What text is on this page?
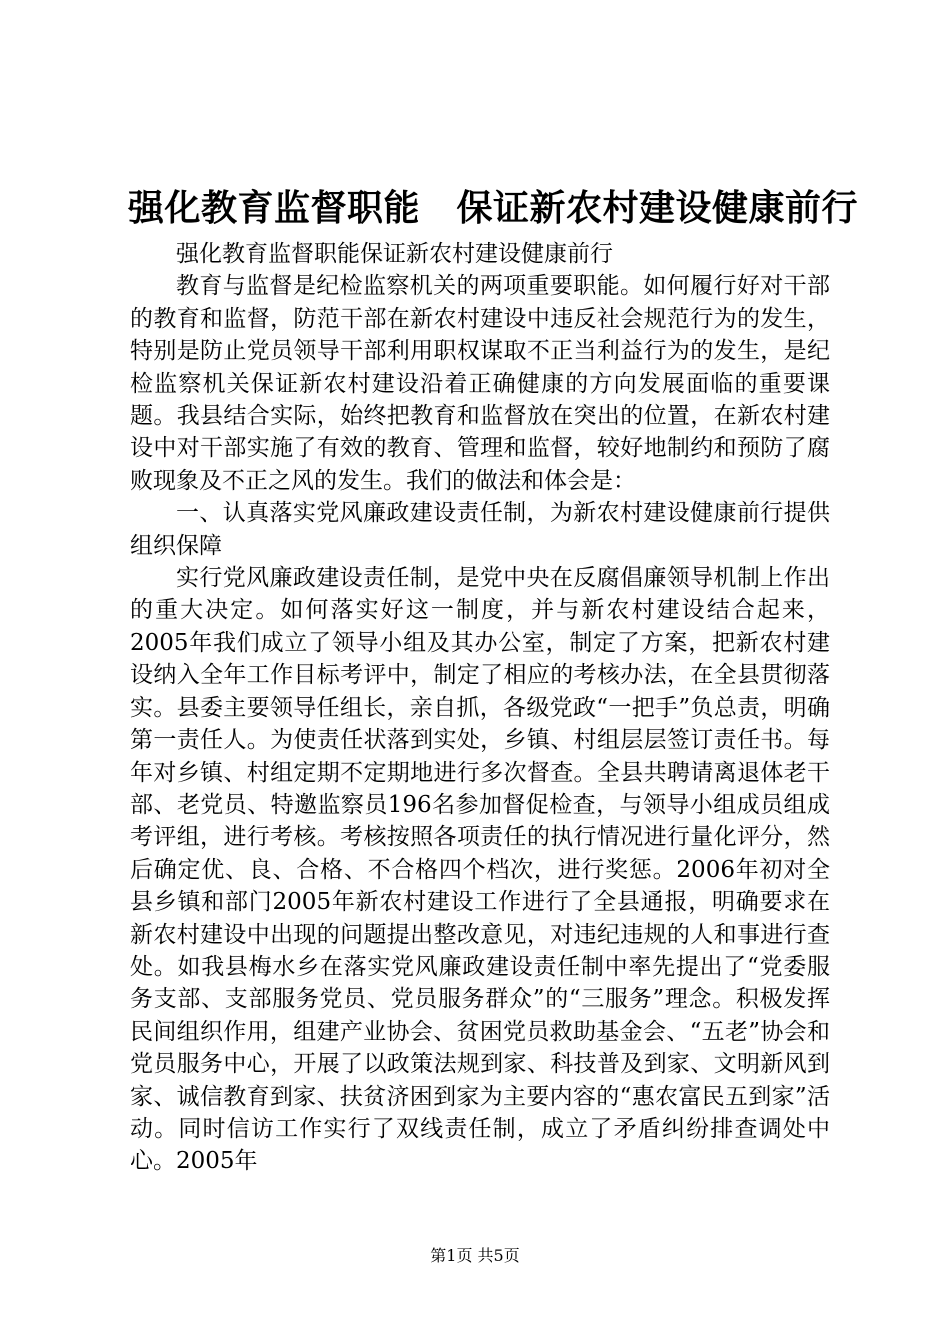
强化教育监督职能　保证新农村建设健康前行

强化教育监督职能保证新农村建设健康前行

教育与监督是纪检监察机关的两项重要职能。如何履行好对干部的教育和监督，防范干部在新农村建设中违反社会规范行为的发生，特别是防止党员领导干部利用职权谋取不正当利益行为的发生，是纪检监察机关保证新农村建设沿着正确健康的方向发展面临的重要课题。我县结合实际，始终把教育和监督放在突出的位置，在新农村建设中对干部实施了有效的教育、管理和监督，较好地制约和预防了腐败现象及不正之风的发生。我们的做法和体会是：

一、认真落实党风廉政建设责任制，为新农村建设健康前行提供组织保障

实行党风廉政建设责任制，是党中央在反腐倡廉领导机制上作出的重大决定。如何落实好这一制度，并与新农村建设结合起来，2005年我们成立了领导小组及其办公室，制定了方案，把新农村建设纳入全年工作目标考评中，制定了相应的考核办法，在全县贯彻落实。县委主要领导任组长，亲自抓，各级党政“一把手”负总责，明确第一责任人。为使责任状落到实处，乡镇、村组层层签订责任书。每年对乡镇、村组定期不定期地进行多次督查。全县共聘请离退体老干部、老党员、特邀监察员196名参加督促检查，与领导小组成员组成考评组，进行考核。考核按照各项责任的执行情况进行量化评分，然后确定优、良、合格、不合格四个档次，进行奖惩。2006年初对全县乡镇和部门2005年新农村建设工作进行了全县通报，明确要求在新农村建设中出现的问题提出整改意见，对违纪违规的人和事进行查处。如我县梅水乡在落实党风廉政建设责任制中率先提出了“党委服务支部、支部服务党员、党员服务群众”的“三服务”理念。积极发挥民间组织作用，组建产业协会、贫困党员救助基金会、“五老”协会和党员服务中心，开展了以政策法规到家、科技普及到家、文明新风到家、诚信教育到家、扶贫济困到家为主要内容的“惠农富民五到家”活动。同时信访工作实行了双线责任制，成立了矛盾纠纷排查调处中心。2005年

第1页 共5页
